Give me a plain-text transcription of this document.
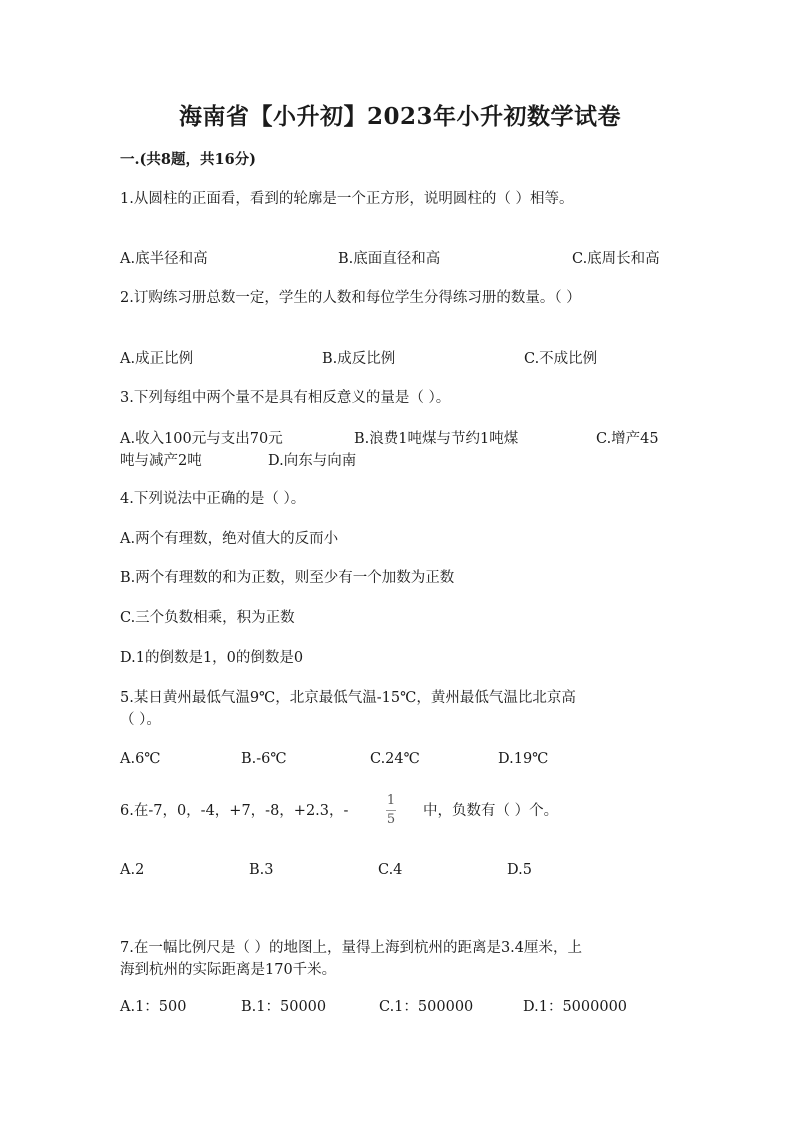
海南省【小升初】2023年小升初数学试卷
一.(共8题，共16分)
1.从圆柱的正面看，看到的轮廓是一个正方形，说明圆柱的（ ）相等。
A.底半径和高	B.底面直径和高	C.底周长和高
2.订购练习册总数一定，学生的人数和每位学生分得练习册的数量。（ ）
A.成正比例	B.成反比例	C.不成比例
3.下列每组中两个量不是具有相反意义的量是（ ）。
A.收入100元与支出70元	B.浪费1吨煤与节约1吨煤	C.增产45
吨与减产2吨	D.向东与向南
4.下列说法中正确的是（ ）。
A.两个有理数，绝对值大的反而小
B.两个有理数的和为正数，则至少有一个加数为正数
C.三个负数相乘，积为正数
D.1的倒数是1，0的倒数是0
5.某日黄州最低气温9℃，北京最低气温-15℃，黄州最低气温比北京高
（ ）。
A.6℃	B.-6℃	C.24℃	D.19℃
6.在-7，0，-4，+7，-8，+2.3，-
1
5
中，负数有（ ）个。
A.2	B.3	C.4	D.5
7.在一幅比例尺是（ ）的地图上，量得上海到杭州的距离是3.4厘米，上
海到杭州的实际距离是170千米。
A.1：500	B.1：50000	C.1：500000	D.1：5000000
